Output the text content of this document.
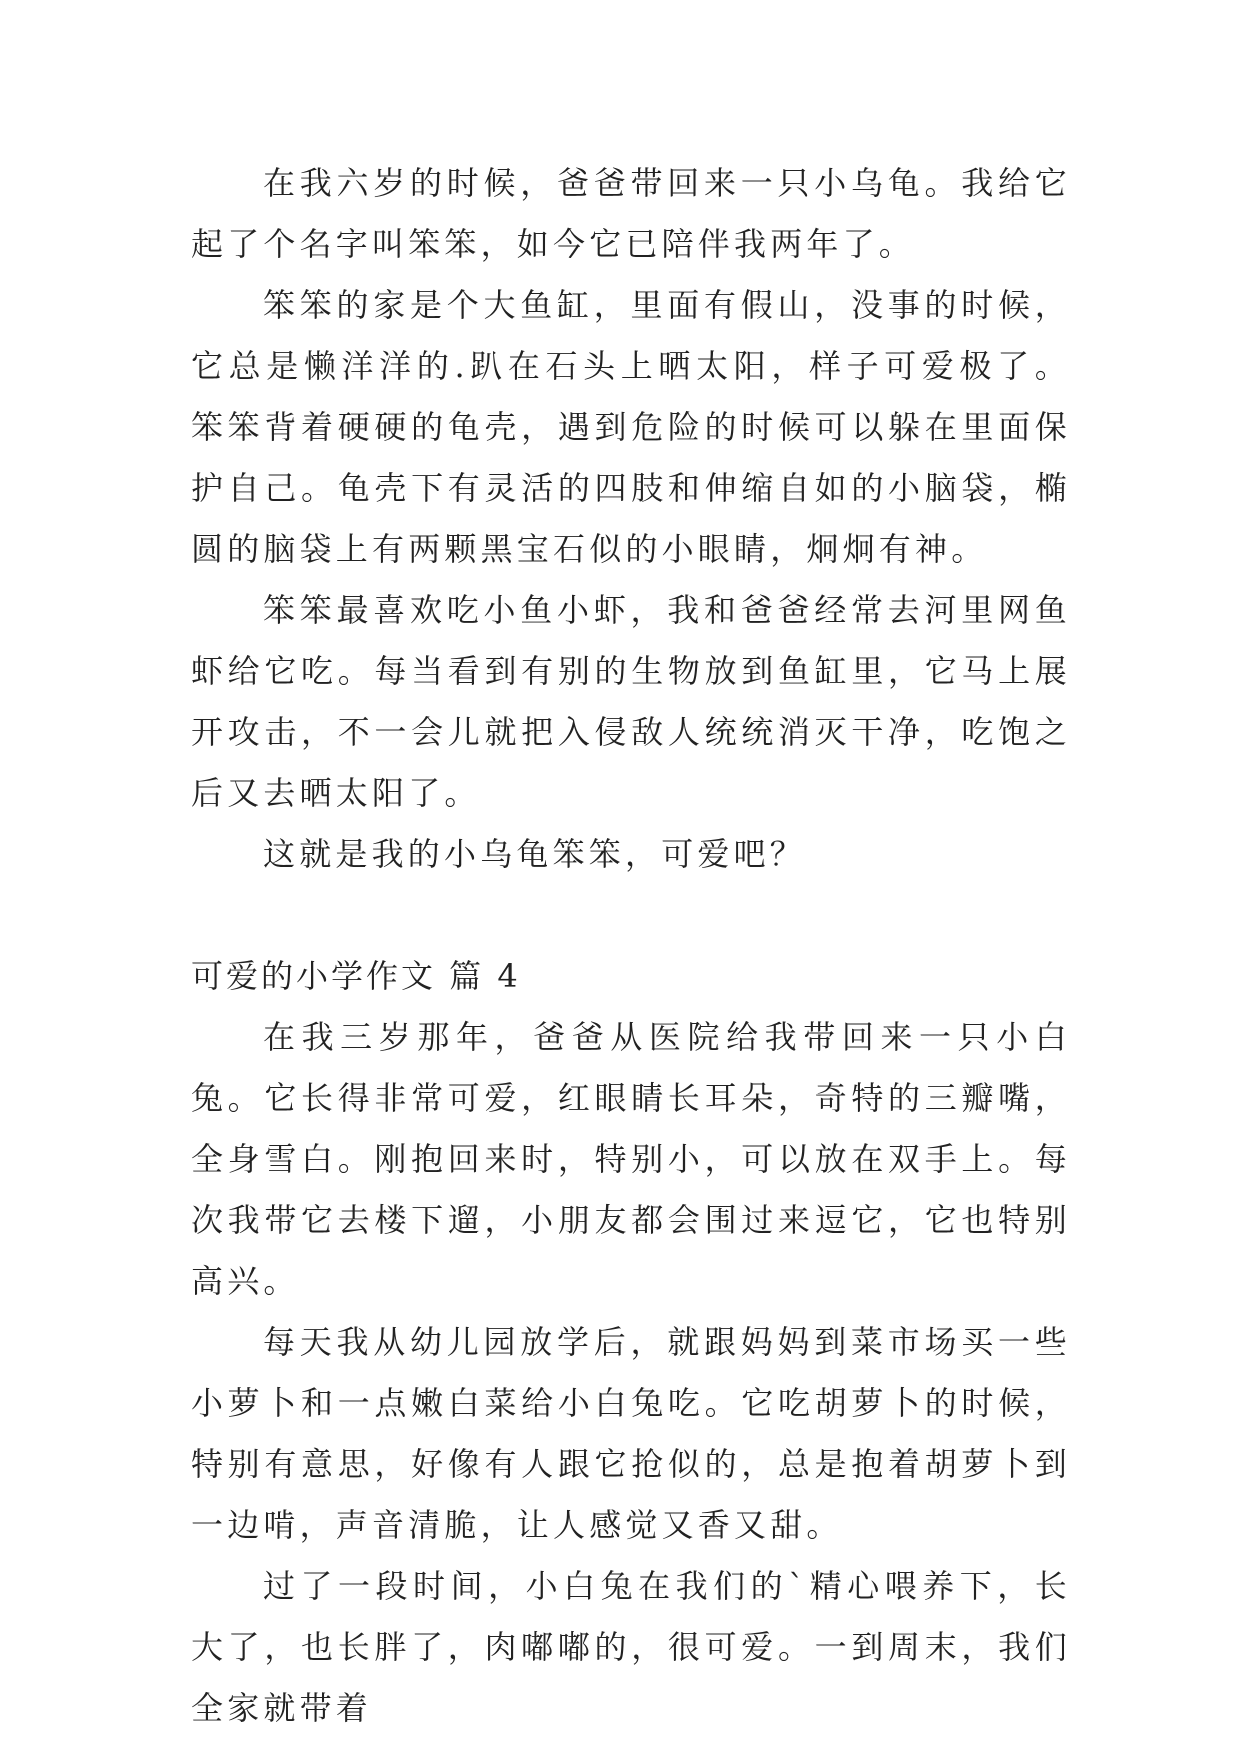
在我六岁的时候，爸爸带回来一只小乌龟。我给它起了个名字叫笨笨，如今它已陪伴我两年了。

笨笨的家是个大鱼缸，里面有假山，没事的时候，它总是懒洋洋的.趴在石头上晒太阳，样子可爱极了。笨笨背着硬硬的龟壳，遇到危险的时候可以躲在里面保护自己。龟壳下有灵活的四肢和伸缩自如的小脑袋，椭圆的脑袋上有两颗黑宝石似的小眼睛，炯炯有神。

笨笨最喜欢吃小鱼小虾，我和爸爸经常去河里网鱼虾给它吃。每当看到有别的生物放到鱼缸里，它马上展开攻击，不一会儿就把入侵敌人统统消灭干净，吃饱之后又去晒太阳了。

这就是我的小乌龟笨笨，可爱吧？

可爱的小学作文 篇 4

在我三岁那年，爸爸从医院给我带回来一只小白兔。它长得非常可爱，红眼睛长耳朵，奇特的三瓣嘴，全身雪白。刚抱回来时，特别小，可以放在双手上。每次我带它去楼下遛，小朋友都会围过来逗它，它也特别高兴。

每天我从幼儿园放学后，就跟妈妈到菜市场买一些小萝卜和一点嫩白菜给小白兔吃。它吃胡萝卜的时候，特别有意思，好像有人跟它抢似的，总是抱着胡萝卜到一边啃，声音清脆，让人感觉又香又甜。

过了一段时间，小白兔在我们的`精心喂养下，长大了，也长胖了，肉嘟嘟的，很可爱。一到周末，我们全家就带着
